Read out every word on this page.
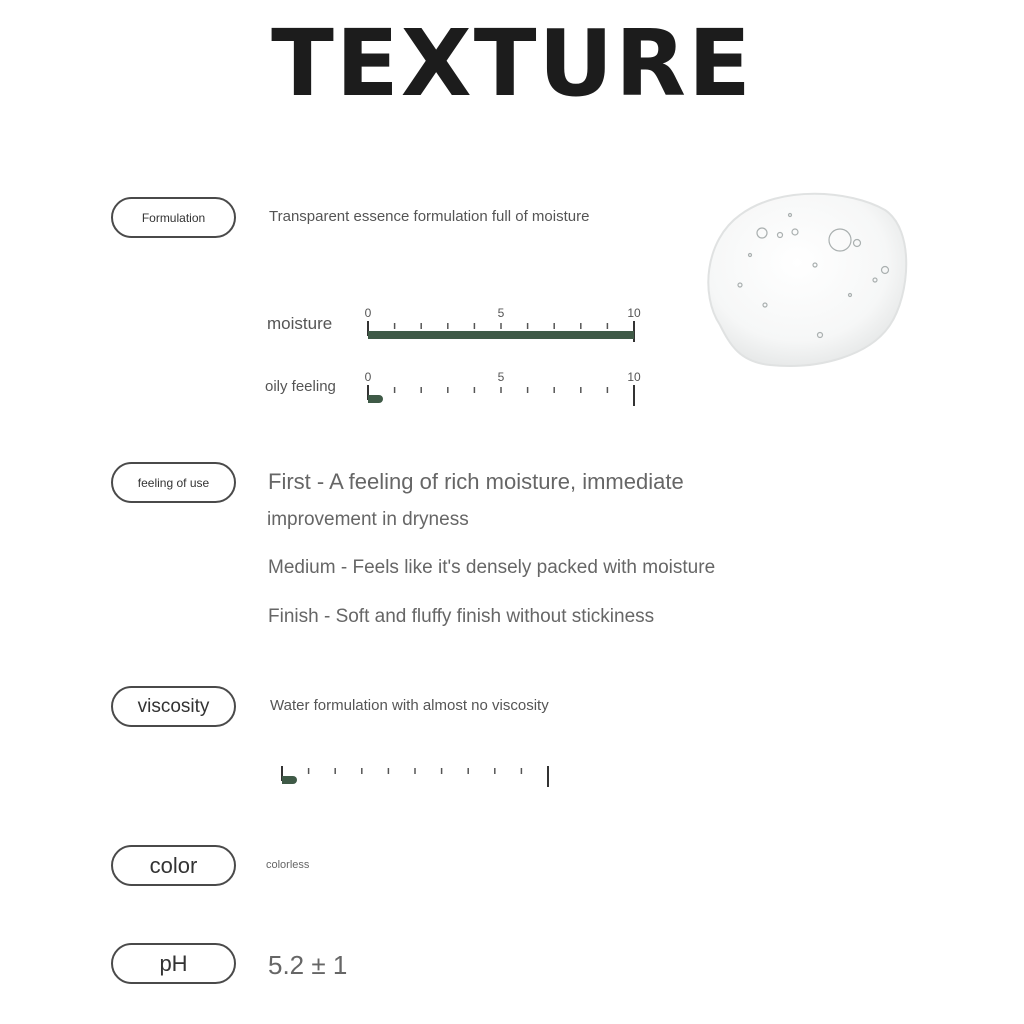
TEXTURE
Formulation	Transparent essence formulation full of moisture
moisture
0	5	10
oily feeling
0	5	10
feeling of use	First - A feeling of rich moisture, immediate
improvement in dryness
Medium - Feels like it's densely packed with moisture
Finish - Soft and fluffy finish without stickiness
viscosity	Water formulation with almost no viscosity
color	colorless
pH	5.2 ± 1
